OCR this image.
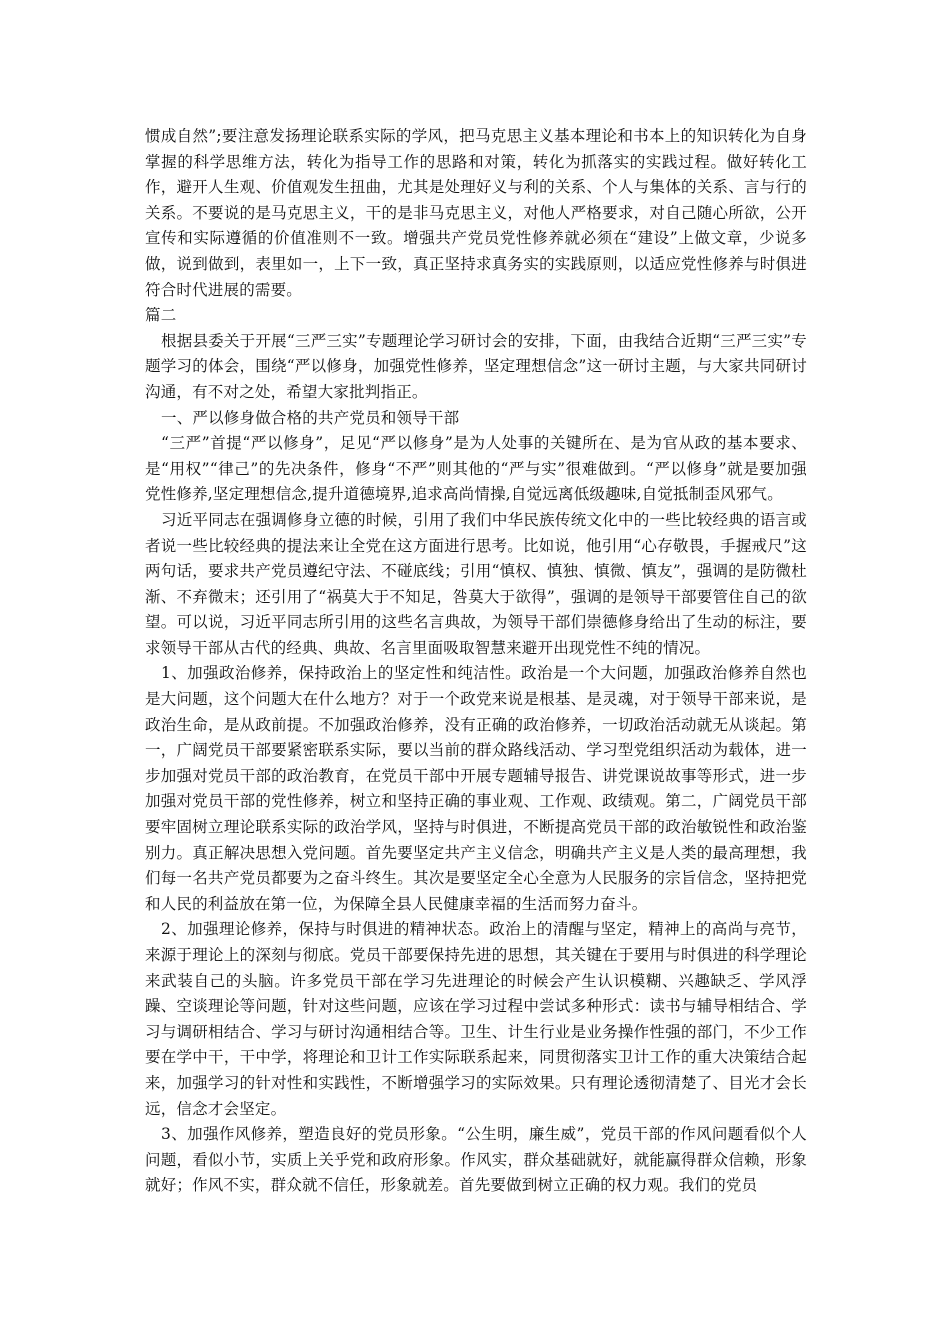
惯成自然”;要注意发扬理论联系实际的学风，把马克思主义基本理论和书本上的知识转化为自身掌握的科学思维方法，转化为指导工作的思路和对策，转化为抓落实的实践过程。做好转化工作，避开人生观、价值观发生扭曲，尤其是处理好义与利的关系、个人与集体的关系、言与行的关系。不要说的是马克思主义，干的是非马克思主义，对他人严格要求，对自己随心所欲，公开宣传和实际遵循的价值准则不一致。增强共产党员党性修养就必须在“建设”上做文章，少说多做，说到做到，表里如一，上下一致，真正坚持求真务实的实践原则，以适应党性修养与时俱进符合时代进展的需要。

篇二

根据县委关于开展“三严三实”专题理论学习研讨会的安排，下面，由我结合近期“三严三实”专题学习的体会，围绕“严以修身，加强党性修养，坚定理想信念”这一研讨主题，与大家共同研讨沟通，有不对之处，希望大家批判指正。

一、严以修身做合格的共产党员和领导干部

“三严”首提“严以修身”，足见“严以修身”是为人处事的关键所在、是为官从政的基本要求、是“用权”“律己”的先决条件，修身“不严”则其他的“严与实”很难做到。“严以修身”就是要加强党性修养,坚定理想信念,提升道德境界,追求高尚情操,自觉远离低级趣味,自觉抵制歪风邪气。

习近平同志在强调修身立德的时候，引用了我们中华民族传统文化中的一些比较经典的语言或者说一些比较经典的提法来让全党在这方面进行思考。比如说，他引用“心存敬畏，手握戒尺”这两句话，要求共产党员遵纪守法、不碰底线；引用“慎权、慎独、慎微、慎友”，强调的是防微杜渐、不弃微末；还引用了“祸莫大于不知足，咎莫大于欲得”，强调的是领导干部要管住自己的欲望。可以说，习近平同志所引用的这些名言典故，为领导干部们崇德修身给出了生动的标注，要求领导干部从古代的经典、典故、名言里面吸取智慧来避开出现党性不纯的情况。

1、加强政治修养，保持政治上的坚定性和纯洁性。政治是一个大问题，加强政治修养自然也是大问题，这个问题大在什么地方？对于一个政党来说是根基、是灵魂，对于领导干部来说，是政治生命，是从政前提。不加强政治修养，没有正确的政治修养，一切政治活动就无从谈起。第一，广阔党员干部要紧密联系实际，要以当前的群众路线活动、学习型党组织活动为载体，进一步加强对党员干部的政治教育，在党员干部中开展专题辅导报告、讲党课说故事等形式，进一步加强对党员干部的党性修养，树立和坚持正确的事业观、工作观、政绩观。第二，广阔党员干部要牢固树立理论联系实际的政治学风，坚持与时俱进，不断提高党员干部的政治敏锐性和政治鉴别力。真正解决思想入党问题。首先要坚定共产主义信念，明确共产主义是人类的最高理想，我们每一名共产党员都要为之奋斗终生。其次是要坚定全心全意为人民服务的宗旨信念，坚持把党和人民的利益放在第一位，为保障全县人民健康幸福的生活而努力奋斗。

2、加强理论修养，保持与时俱进的精神状态。政治上的清醒与坚定，精神上的高尚与亮节，来源于理论上的深刻与彻底。党员干部要保持先进的思想，其关键在于要用与时俱进的科学理论来武装自己的头脑。许多党员干部在学习先进理论的时候会产生认识模糊、兴趣缺乏、学风浮躁、空谈理论等问题，针对这些问题，应该在学习过程中尝试多种形式：读书与辅导相结合、学习与调研相结合、学习与研讨沟通相结合等。卫生、计生行业是业务操作性强的部门，不少工作要在学中干，干中学，将理论和卫计工作实际联系起来，同贯彻落实卫计工作的重大决策结合起来，加强学习的针对性和实践性，不断增强学习的实际效果。只有理论透彻清楚了、目光才会长远，信念才会坚定。

3、加强作风修养，塑造良好的党员形象。“公生明，廉生威”，党员干部的作风问题看似个人问题，看似小节，实质上关乎党和政府形象。作风实，群众基础就好，就能赢得群众信赖，形象就好；作风不实，群众就不信任，形象就差。首先要做到树立正确的权力观。我们的党员
